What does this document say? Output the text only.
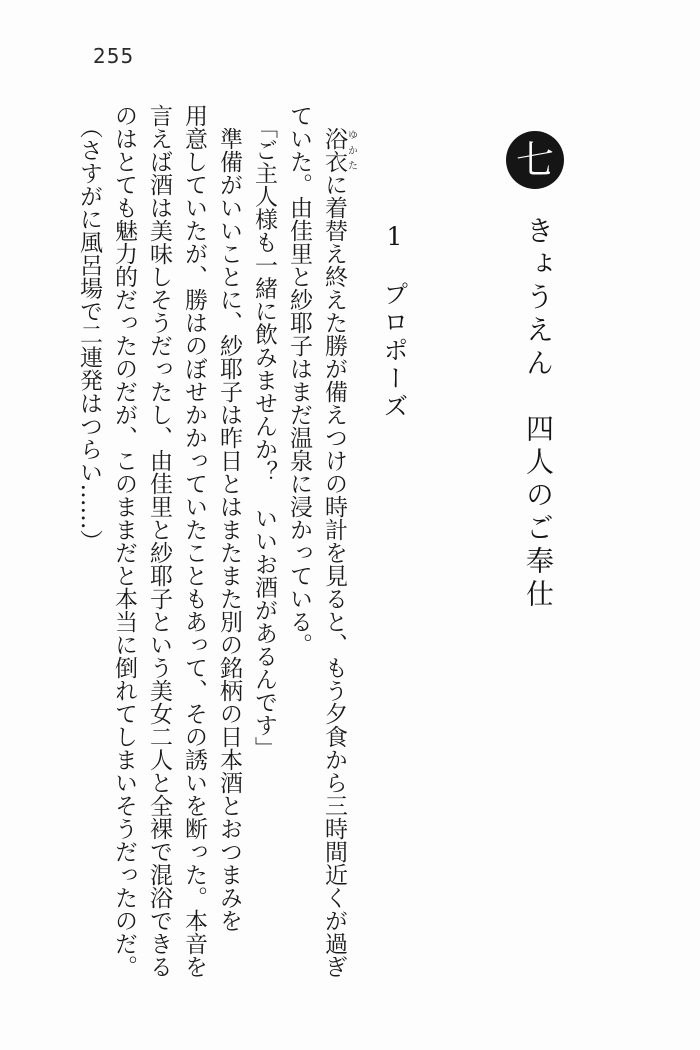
255
七
きょうえん　四人のご奉仕
1プロポーズ
　浴衣ゆかたに着替え終えた勝が備えつけの時計を見ると、もう夕食から三時間近くが過ぎ
ていた。由佳里と紗耶子はまだ温泉に浸かっている。
　「ご主人様も一緒に飲みませんか？　いいお酒があるんです」
　準備がいいことに、紗耶子は昨日とはまたまた別の銘柄の日本酒とおつまみを
用意していたが、勝はのぼせかかっていたこともあって、その誘いを断った。本音を
言えば酒は美味しそうだったし、由佳里と紗耶子という美女二人と全裸で混浴できる
のはとても魅力的だったのだが、このままだと本当に倒れてしまいそうだったのだ。
　（さすがに風呂場で二連発はつらい……）
